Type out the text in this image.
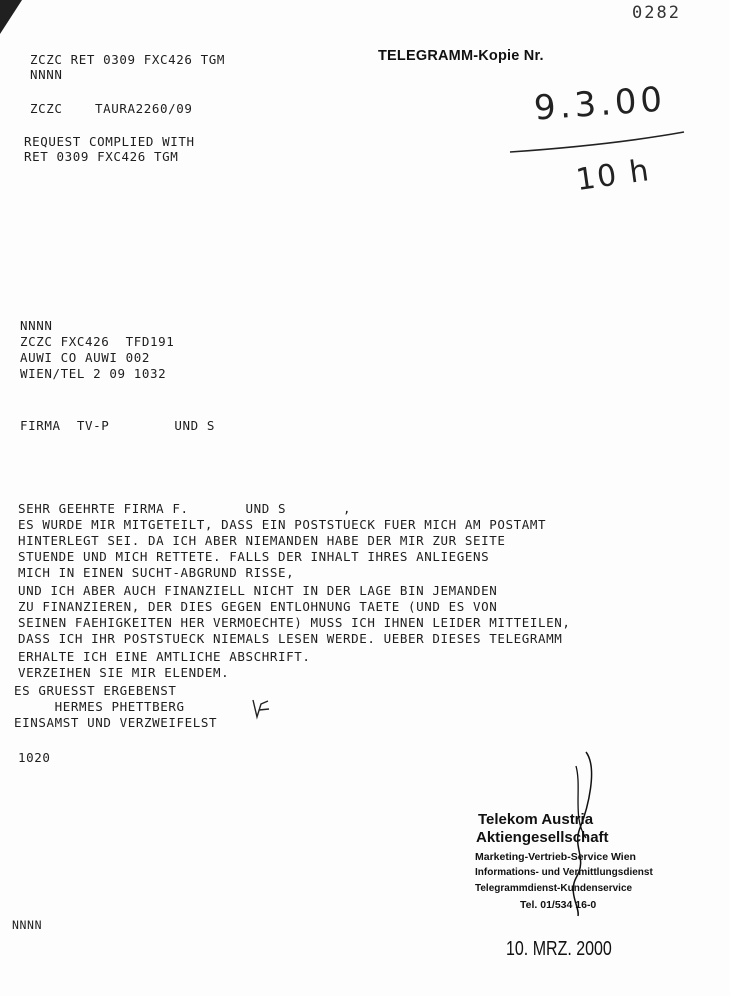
0282
ZCZC RET 0309 FXC426 TGM
NNNN
TELEGRAMM-Kopie Nr.
ZCZC    TAURA2260/09
REQUEST COMPLIED WITH
RET 0309 FXC426 TGM
9.3.00
10 h
NNNN
ZCZC FXC426  TFD191
AUWI CO AUWI 002
WIEN/TEL 2 09 1032
FIRMA  TV-P        UND S
SEHR GEEHRTE FIRMA F.       UND S       ,
ES WURDE MIR MITGETEILT, DASS EIN POSTSTUECK FUER MICH AM POSTAMT
HINTERLEGT SEI. DA ICH ABER NIEMANDEN HABE DER MIR ZUR SEITE
STUENDE UND MICH RETTETE. FALLS DER INHALT IHRES ANLIEGENS
MICH IN EINEN SUCHT-ABGRUND RISSE,
UND ICH ABER AUCH FINANZIELL NICHT IN DER LAGE BIN JEMANDEN
ZU FINANZIEREN, DER DIES GEGEN ENTLOHNUNG TAETE (UND ES VON
SEINEN FAEHIGKEITEN HER VERMOECHTE) MUSS ICH IHNEN LEIDER MITTEILEN,
DASS ICH IHR POSTSTUECK NIEMALS LESEN WERDE. UEBER DIESES TELEGRAMM
ERHALTE ICH EINE AMTLICHE ABSCHRIFT.
VERZEIHEN SIE MIR ELENDEM.
ES GRUESST ERGEBENST
HERMES PHETTBERG
EINSAMST UND VERZWEIFELST
1020
Telekom Austria
Aktiengesellschaft
Marketing-Vertrieb-Service Wien
Informations- und Vermittlungsdienst
Telegrammdienst-Kundenservice
Tel. 01/534 16-0
NNNN
10. MRZ. 2000
